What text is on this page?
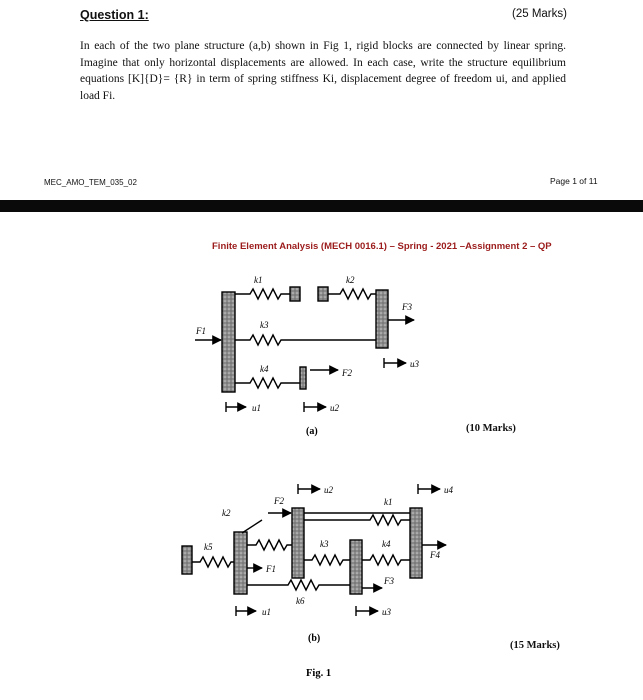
Question 1:	(25 Marks)
In each of the two plane structure (a,b) shown in Fig 1, rigid blocks are connected by linear spring. Imagine that only horizontal displacements are allowed. In each case, write the structure equilibrium equations [K]{D}= {R} in term of spring stiffness Ki, displacement degree of freedom ui, and applied load Fi.
MEC_AMO_TEM_035_02	Page 1 of 11
Finite Element Analysis (MECH 0016.1) – Spring - 2021 –Assignment 2 – QP
(10 Marks)
(15 Marks)
k1	k2
k3
k4
F1
F2
F3
u1	u2
u3
(a)
k1
k2
k3	k4
k5
k6
F1
F2
F3
F4
u1
u2
u3
u4
(b)
Fig. 1
